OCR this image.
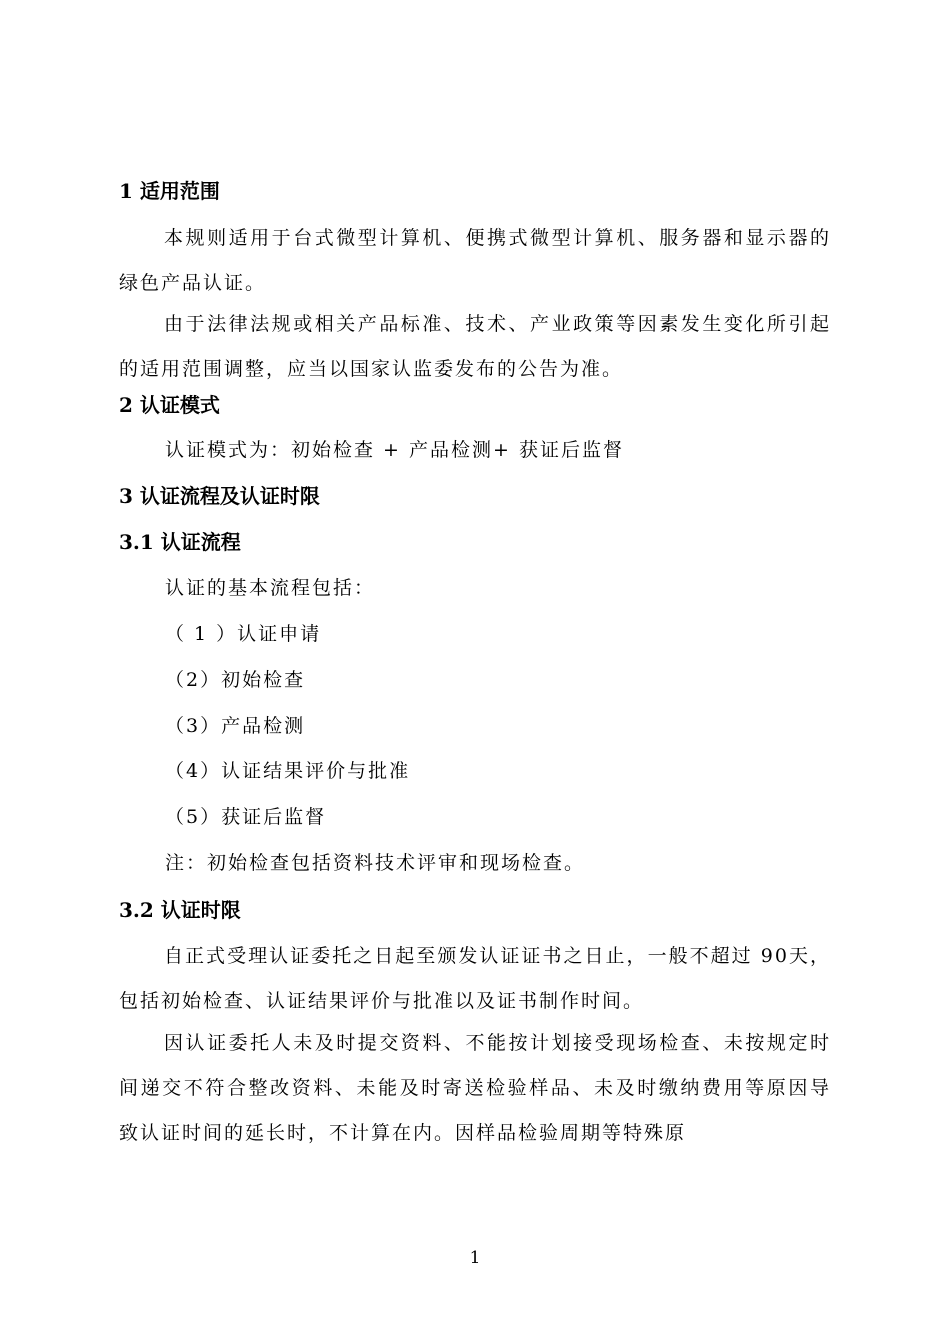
1 适用范围

本规则适用于台式微型计算机、便携式微型计算机、服务器和显示器的绿色产品认证。

由于法律法规或相关产品标准、技术、产业政策等因素发生变化所引起的适用范围调整，应当以国家认监委发布的公告为准。

2 认证模式

认证模式为：初始检查 + 产品检测+ 获证后监督

3 认证流程及认证时限
3.1 认证流程

认证的基本流程包括：

（ 1 ）认证申请

（2）初始检查

（3）产品检测

（4）认证结果评价与批准

（5）获证后监督

注：初始检查包括资料技术评审和现场检查。

3.2 认证时限

自正式受理认证委托之日起至颁发认证证书之日止，一般不超过 90天，包括初始检查、认证结果评价与批准以及证书制作时间。

因认证委托人未及时提交资料、不能按计划接受现场检查、未按规定时间递交不符合整改资料、未能及时寄送检验样品、未及时缴纳费用等原因导致认证时间的延长时，不计算在内。因样品检验周期等特殊原

1
